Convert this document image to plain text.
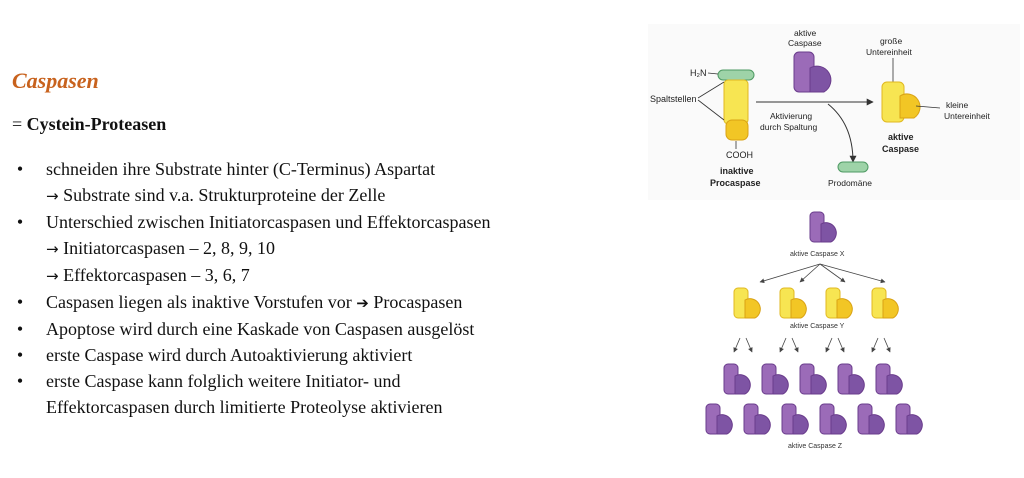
Caspasen
= Cystein-Proteasen
• schneiden ihre Substrate hinter (C-Terminus) Aspartat
→ Substrate sind v.a. Strukturproteine der Zelle
• Unterschied zwischen Initiatorcaspasen und Effektorcaspasen
→ Initiatorcaspasen – 2, 8, 9, 10
→ Effektorcaspasen – 3, 6, 7
• Caspasen liegen als inaktive Vorstufen vor ➔ Procaspasen
• Apoptose wird durch eine Kaskade von Caspasen ausgelöst
• erste Caspase wird durch Autoaktivierung aktiviert
• erste Caspase kann folglich weitere Initiator- und
Effektorcaspasen durch limitierte Proteolyse aktivieren
H₂N
Spaltstellen
COOH
inaktive
Procaspase
Aktivierung
durch Spaltung
Prodomäne
aktive
Caspase	große
Untereinheit
kleine
Untereinheit
aktive
Caspase
aktive Caspase X
aktive Caspase Y
aktive Caspase Z
